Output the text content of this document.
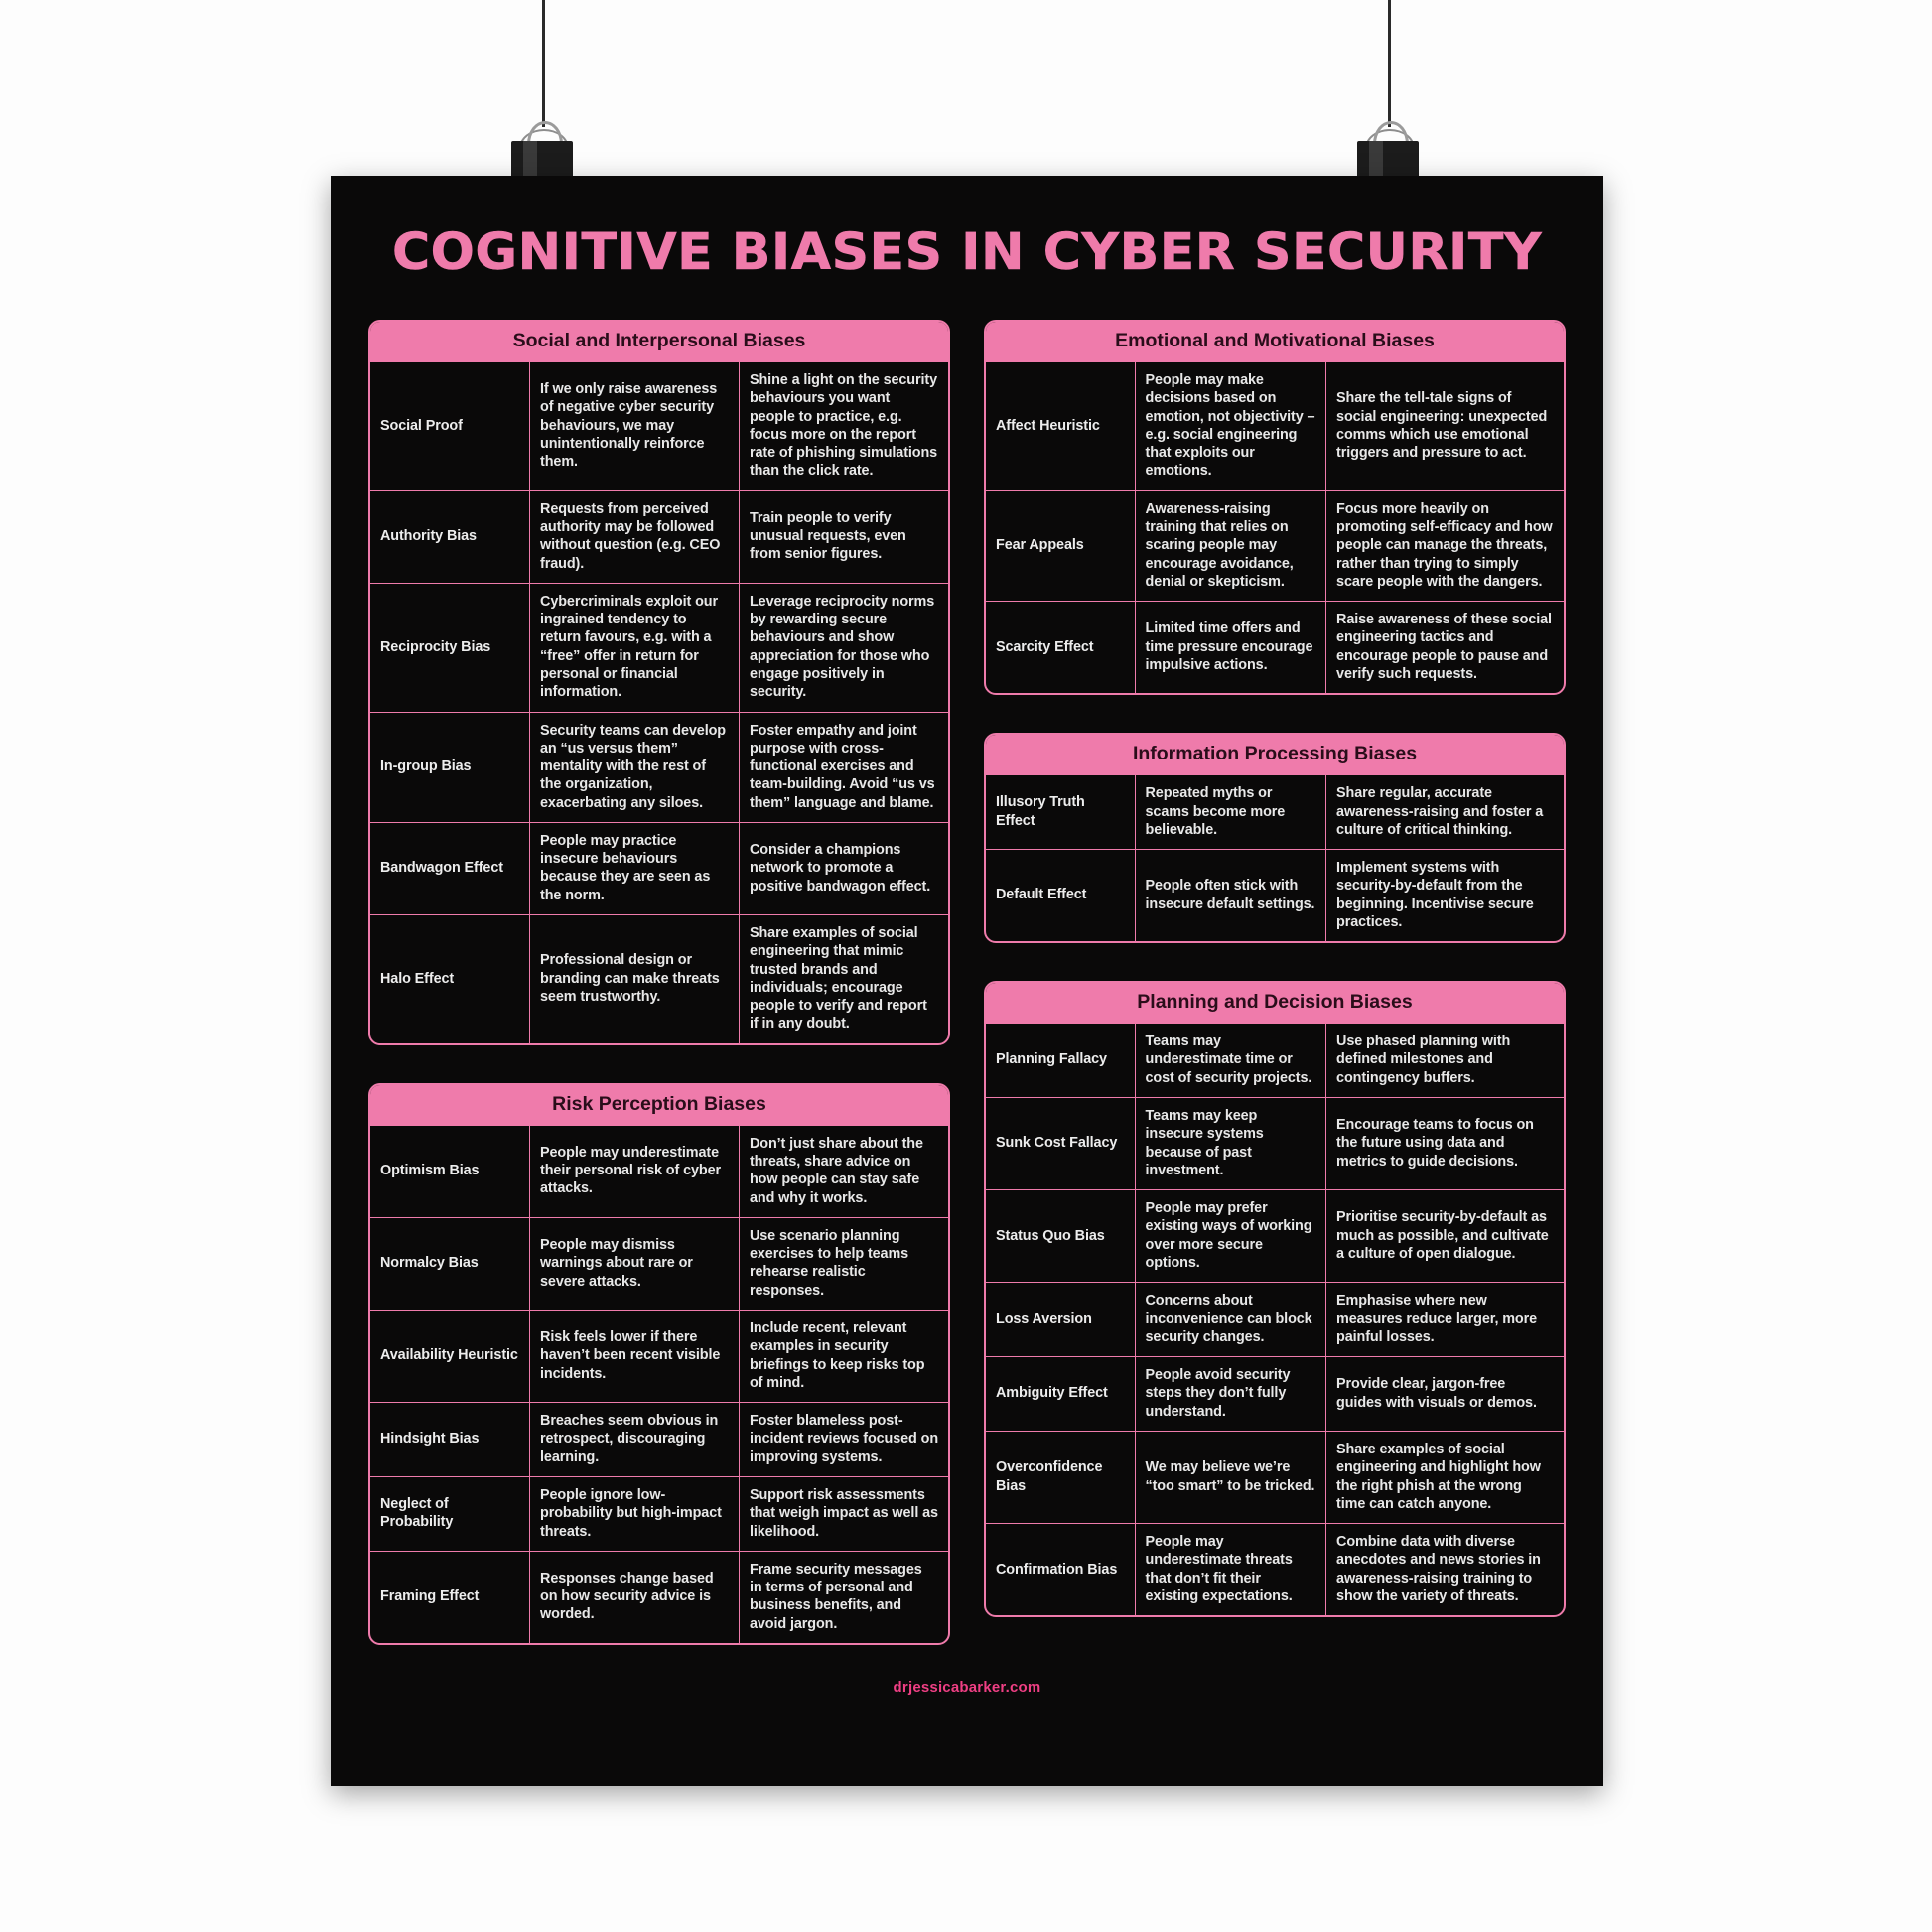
COGNITIVE BIASES IN CYBER SECURITY
Social and Interpersonal Biases
Social Proof	If we only raise awareness of negative cyber security behaviours, we may unintentionally reinforce them.	Shine a light on the security behaviours you want people to practice, e.g. focus more on the report rate of phishing simulations than the click rate.
Authority Bias	Requests from perceived authority may be followed without question (e.g. CEO fraud).	Train people to verify unusual requests, even from senior figures.
Reciprocity Bias	Cybercriminals exploit our ingrained tendency to return favours, e.g. with a “free” offer in return for personal or financial information.	Leverage reciprocity norms by rewarding secure behaviours and show appreciation for those who engage positively in security.
In-group Bias	Security teams can develop an “us versus them” mentality with the rest of the organization, exacerbating any siloes.	Foster empathy and joint purpose with cross-functional exercises and team-building. Avoid “us vs them” language and blame.
Bandwagon Effect	People may practice insecure behaviours because they are seen as the norm.	Consider a champions network to promote a positive bandwagon effect.
Halo Effect	Professional design or branding can make threats seem trustworthy.	Share examples of social engineering that mimic trusted brands and individuals; encourage people to verify and report if in any doubt.
Risk Perception Biases
Optimism Bias	People may underestimate their personal risk of cyber attacks.	Don’t just share about the threats, share advice on how people can stay safe and why it works.
Normalcy Bias	People may dismiss warnings about rare or severe attacks.	Use scenario planning exercises to help teams rehearse realistic responses.
Availability Heuristic	Risk feels lower if there haven’t been recent visible incidents.	Include recent, relevant examples in security briefings to keep risks top of mind.
Hindsight Bias	Breaches seem obvious in retrospect, discouraging learning.	Foster blameless post-incident reviews focused on improving systems.
Neglect of Probability	People ignore low-probability but high-impact threats.	Support risk assessments that weigh impact as well as likelihood.
Framing Effect	Responses change based on how security advice is worded.	Frame security messages in terms of personal and business benefits, and avoid jargon.
Emotional and Motivational Biases
Affect Heuristic	People may make decisions based on emotion, not objectivity – e.g. social engineering that exploits our emotions.	Share the tell-tale signs of social engineering: unexpected comms which use emotional triggers and pressure to act.
Fear Appeals	Awareness-raising training that relies on scaring people may encourage avoidance, denial or skepticism.	Focus more heavily on promoting self-efficacy and how people can manage the threats, rather than trying to simply scare people with the dangers.
Scarcity Effect	Limited time offers and time pressure encourage impulsive actions.	Raise awareness of these social engineering tactics and encourage people to pause and verify such requests.
Information Processing Biases
Illusory Truth Effect	Repeated myths or scams become more believable.	Share regular, accurate awareness-raising and foster a culture of critical thinking.
Default Effect	People often stick with insecure default settings.	Implement systems with security-by-default from the beginning. Incentivise secure practices.
Planning and Decision Biases
Planning Fallacy	Teams may underestimate time or cost of security projects.	Use phased planning with defined milestones and contingency buffers.
Sunk Cost Fallacy	Teams may keep insecure systems because of past investment.	Encourage teams to focus on the future using data and metrics to guide decisions.
Status Quo Bias	People may prefer existing ways of working over more secure options.	Prioritise security-by-default as much as possible, and cultivate a culture of open dialogue.
Loss Aversion	Concerns about inconvenience can block security changes.	Emphasise where new measures reduce larger, more painful losses.
Ambiguity Effect	People avoid security steps they don’t fully understand.	Provide clear, jargon-free guides with visuals or demos.
Overconfidence Bias	We may believe we’re “too smart” to be tricked.	Share examples of social engineering and highlight how the right phish at the wrong time can catch anyone.
Confirmation Bias	People may underestimate threats that don’t fit their existing expectations.	Combine data with diverse anecdotes and news stories in awareness-raising training to show the variety of threats.
drjessicabarker.com
